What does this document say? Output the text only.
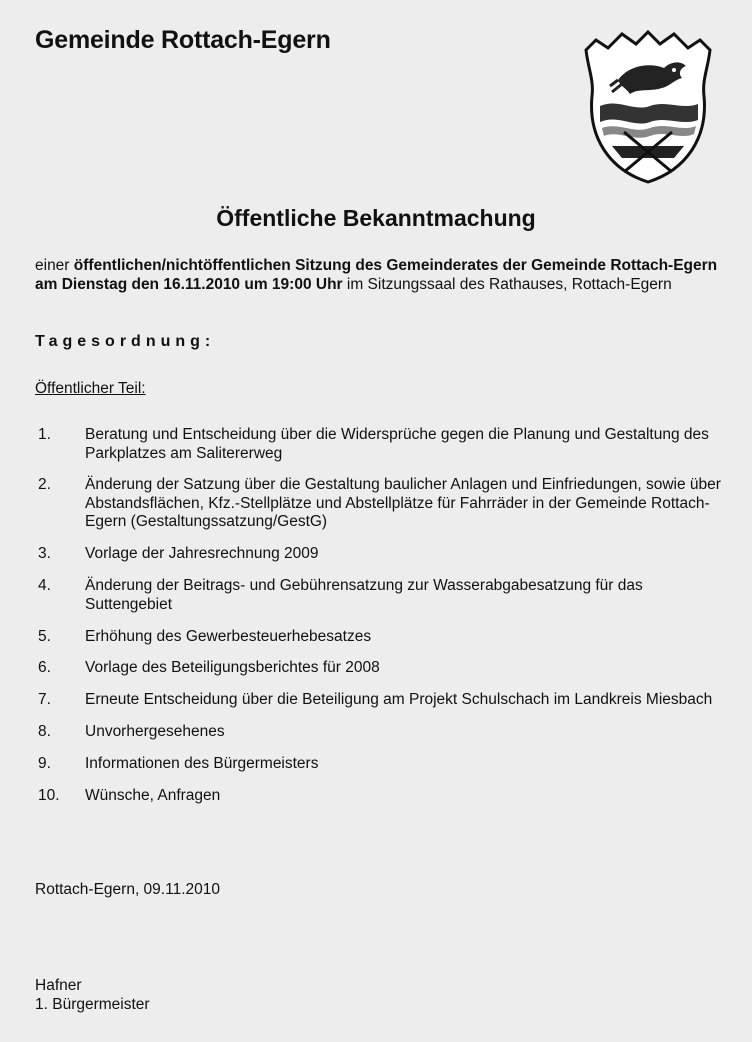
Gemeinde Rottach-Egern
Öffentliche Bekanntmachung
einer öffentlichen/nichtöffentlichen Sitzung des Gemeinderates der Gemeinde Rottach-Egern am Dienstag den 16.11.2010 um 19:00 Uhr im Sitzungssaal des Rathauses, Rottach-Egern
Tagesordnung:
Öffentlicher Teil:
1. Beratung und Entscheidung über die Widersprüche gegen die Planung und Gestaltung des Parkplatzes am Salitererweg
2. Änderung der Satzung über die Gestaltung baulicher Anlagen und Einfriedungen, sowie über Abstandsflächen, Kfz.-Stellplätze und Abstellplätze für Fahrräder in der Gemeinde Rottach-Egern (Gestaltungssatzung/GestG)
3. Vorlage der Jahresrechnung 2009
4. Änderung der Beitrags- und Gebührensatzung zur Wasserabgabesatzung für das Suttengebiet
5. Erhöhung des Gewerbesteuerhebesatzes
6. Vorlage des Beteiligungsberichtes für 2008
7. Erneute Entscheidung über die Beteiligung am Projekt Schulschach im Landkreis Miesbach
8. Unvorhergesehenes
9. Informationen des Bürgermeisters
10. Wünsche, Anfragen
Rottach-Egern, 09.11.2010
Hafner
1. Bürgermeister
